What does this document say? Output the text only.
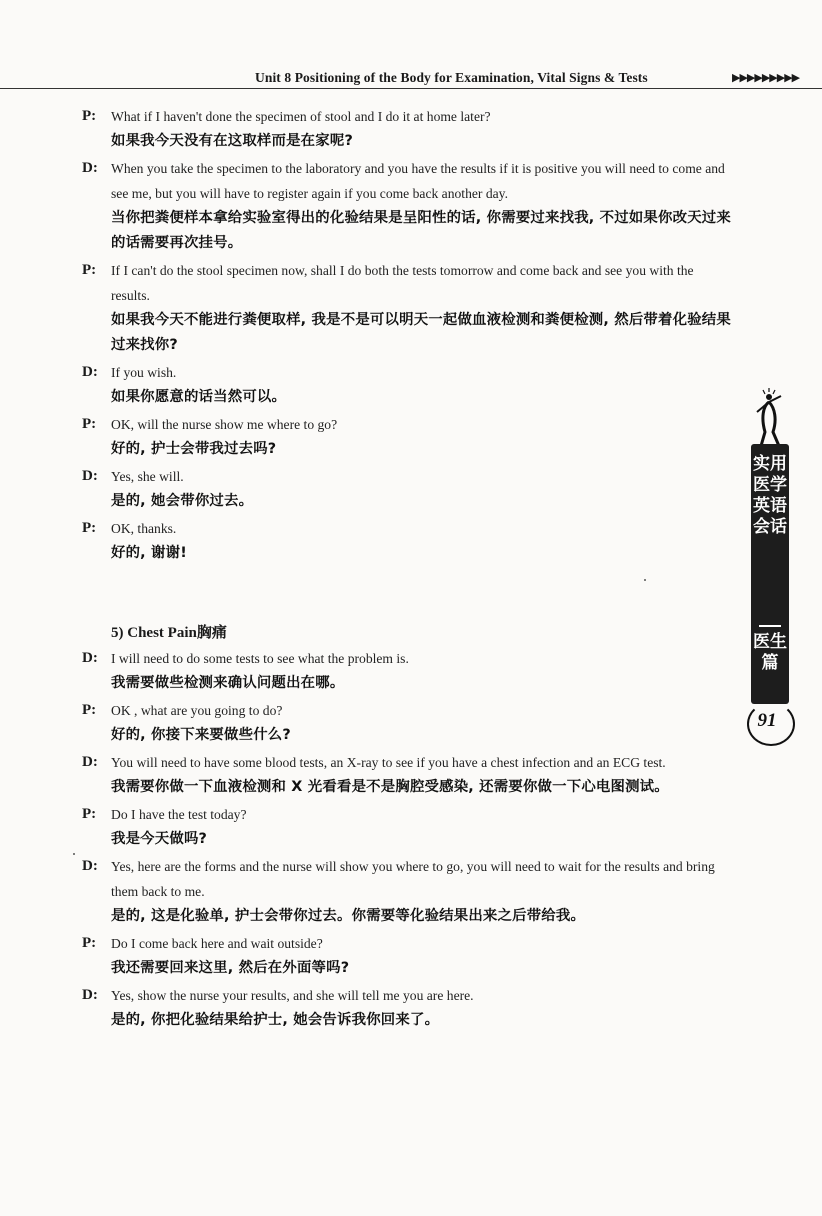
Unit 8 Positioning of the Body for Examination, Vital Signs & Tests	▶▶▶▶▶▶▶▶▶
P:	What if I haven't done the specimen of stool and I do it at home later?

如果我今天没有在这取样而是在家呢?

D: When you take the specimen to the laboratory and you have the results if it is positive you will need to come and see me, but you will have to register again if you come back another day.

当你把粪便样本拿给实验室得出的化验结果是呈阳性的话, 你需要过来找我, 不过如果你改天过来的话需要再次挂号。

P:	If I can't do the stool specimen now, shall I do both the tests tomorrow and come back and see you with the results.

如果我今天不能进行粪便取样, 我是不是可以明天一起做血液检测和粪便检测, 然后带着化验结果过来找你?

D: If you wish.

如果你愿意的话当然可以。

P:	OK, will the nurse show me where to go?

好的, 护士会带我过去吗?

D: Yes, she will.

是的, 她会带你过去。

P:	OK, thanks.

好的, 谢谢!

5) Chest Pain胸痛
D: I will need to do some tests to see what the problem is.

我需要做些检测来确认问题出在哪。

P:	OK , what are you going to do?

好的, 你接下来要做些什么?

D: You will need to have some blood tests, an X-ray to see if you have a chest infection and an ECG test.

我需要你做一下血液检测和 X 光看看是不是胸腔受感染, 还需要你做一下心电图测试。

P:	Do I have the test today?

我是今天做吗?

D: Yes, here are the forms and the nurse will show you where to go, you will need to wait for the results and bring them back to me.

是的, 这是化验单, 护士会带你过去。你需要等化验结果出来之后带给我。

P:	Do I come back here and wait outside?

我还需要回来这里, 然后在外面等吗?

D: Yes, show the nurse your results, and she will tell me you are here.

是的, 你把化验结果给护士, 她会告诉我你回来了。

实用医学英语会话
医生篇
91
